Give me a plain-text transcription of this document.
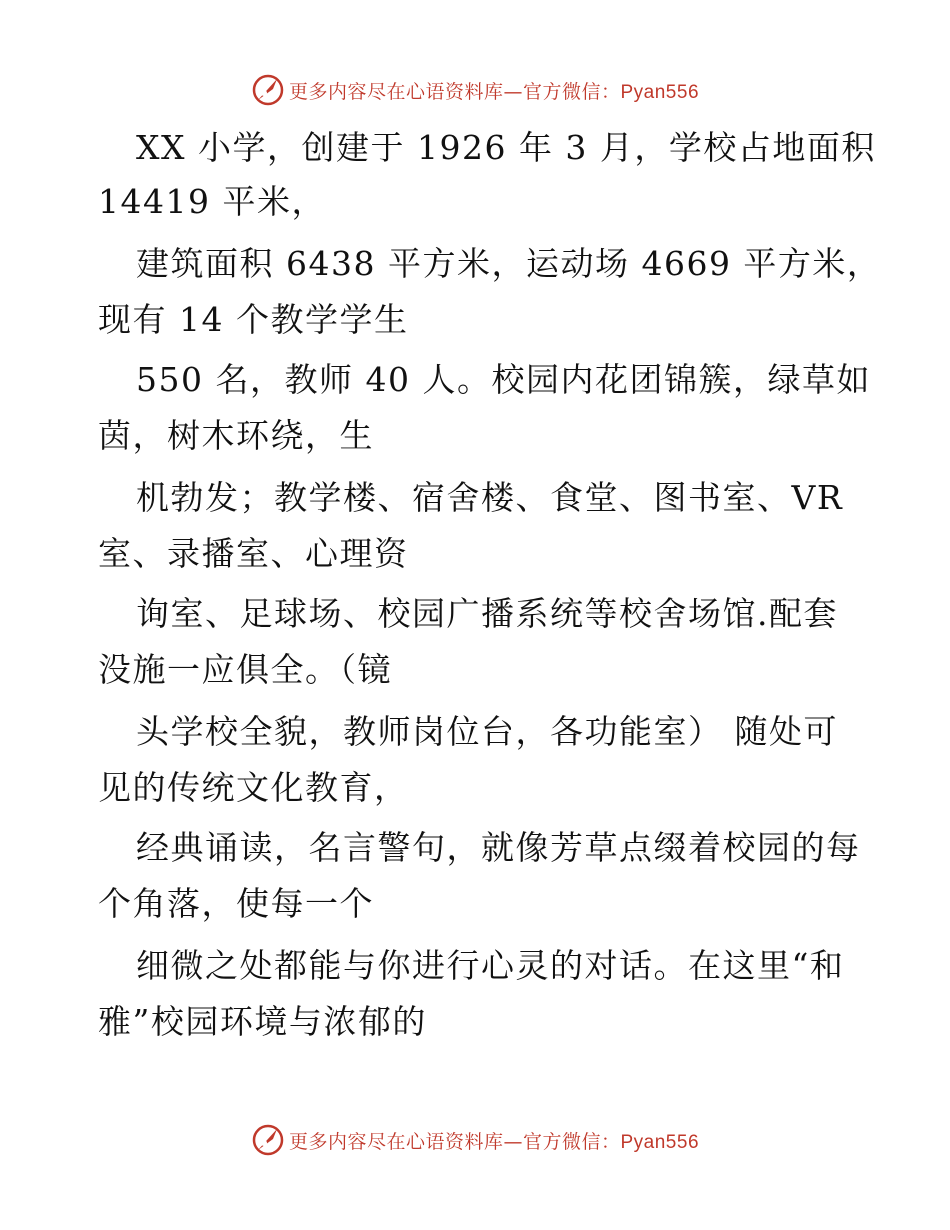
更多内容尽在心语资料库—官方微信：Pyan556
XX 小学，创建于 1926 年 3 月，学校占地面积
14419 平米，
建筑面积 6438 平方米，运动场 4669 平方米，
现有 14 个教学学生
550 名，教师 40 人。校园内花团锦簇，绿草如
茵，树木环绕，生
机勃发；教学楼、宿舍楼、食堂、图书室、VR
室、录播室、心理资
询室、足球场、校园广播系统等校舍场馆.配套
没施一应俱全。（镜
头学校全貌，教师岗位台，各功能室） 随处可
见的传统文化教育，
经典诵读，名言警句，就像芳草点缀着校园的每
个角落，使每一个
细微之处都能与你进行心灵的对话。在这里“和
雅”校园环境与浓郁的
更多内容尽在心语资料库—官方微信：Pyan556
